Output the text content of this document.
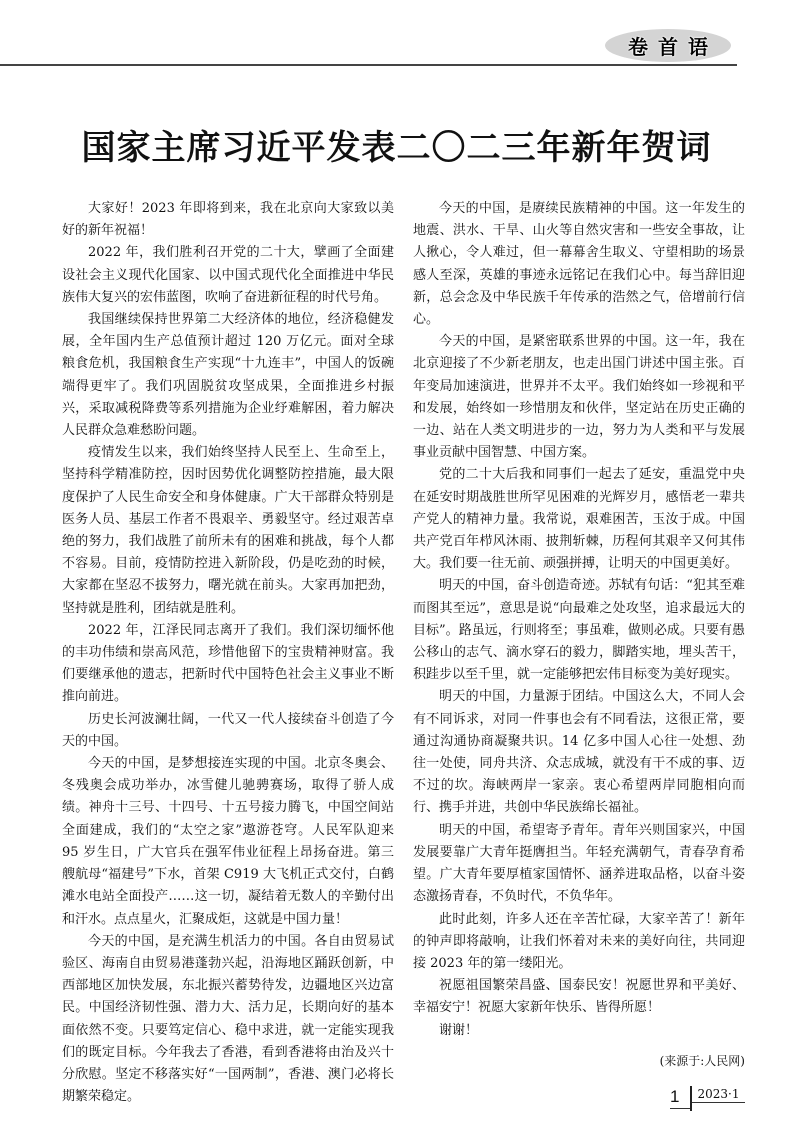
卷首语
国家主席习近平发表二〇二三年新年贺词

大家好！2023 年即将到来，我在北京向大家致以美好的新年祝福！

2022 年，我们胜利召开党的二十大，擘画了全面建设社会主义现代化国家、以中国式现代化全面推进中华民族伟大复兴的宏伟蓝图，吹响了奋进新征程的时代号角。

我国继续保持世界第二大经济体的地位，经济稳健发展，全年国内生产总值预计超过 120 万亿元。面对全球粮食危机，我国粮食生产实现“十九连丰”，中国人的饭碗端得更牢了。我们巩固脱贫攻坚成果，全面推进乡村振兴，采取减税降费等系列措施为企业纾难解困，着力解决人民群众急难愁盼问题。

疫情发生以来，我们始终坚持人民至上、生命至上，坚持科学精准防控，因时因势优化调整防控措施，最大限度保护了人民生命安全和身体健康。广大干部群众特别是医务人员、基层工作者不畏艰辛、勇毅坚守。经过艰苦卓绝的努力，我们战胜了前所未有的困难和挑战，每个人都不容易。目前，疫情防控进入新阶段，仍是吃劲的时候，大家都在坚忍不拔努力，曙光就在前头。大家再加把劲，坚持就是胜利，团结就是胜利。

2022 年，江泽民同志离开了我们。我们深切缅怀他的丰功伟绩和崇高风范，珍惜他留下的宝贵精神财富。我们要继承他的遗志，把新时代中国特色社会主义事业不断推向前进。

历史长河波澜壮阔，一代又一代人接续奋斗创造了今天的中国。

今天的中国，是梦想接连实现的中国。北京冬奥会、冬残奥会成功举办，冰雪健儿驰骋赛场，取得了骄人成绩。神舟十三号、十四号、十五号接力腾飞，中国空间站全面建成，我们的“太空之家”遨游苍穹。人民军队迎来 95 岁生日，广大官兵在强军伟业征程上昂扬奋进。第三艘航母“福建号”下水，首架 C919 大飞机正式交付，白鹤滩水电站全面投产……这一切，凝结着无数人的辛勤付出和汗水。点点星火，汇聚成炬，这就是中国力量！

今天的中国，是充满生机活力的中国。各自由贸易试验区、海南自由贸易港蓬勃兴起，沿海地区踊跃创新，中西部地区加快发展，东北振兴蓄势待发，边疆地区兴边富民。中国经济韧性强、潜力大、活力足，长期向好的基本面依然不变。只要笃定信心、稳中求进，就一定能实现我们的既定目标。今年我去了香港，看到香港将由治及兴十分欣慰。坚定不移落实好“一国两制”，香港、澳门必将长期繁荣稳定。

今天的中国，是赓续民族精神的中国。这一年发生的地震、洪水、干旱、山火等自然灾害和一些安全事故，让人揪心，令人难过，但一幕幕舍生取义、守望相助的场景感人至深，英雄的事迹永远铭记在我们心中。每当辞旧迎新，总会念及中华民族千年传承的浩然之气，倍增前行信心。

今天的中国，是紧密联系世界的中国。这一年，我在北京迎接了不少新老朋友，也走出国门讲述中国主张。百年变局加速演进，世界并不太平。我们始终如一珍视和平和发展，始终如一珍惜朋友和伙伴，坚定站在历史正确的一边、站在人类文明进步的一边，努力为人类和平与发展事业贡献中国智慧、中国方案。

党的二十大后我和同事们一起去了延安，重温党中央在延安时期战胜世所罕见困难的光辉岁月，感悟老一辈共产党人的精神力量。我常说，艰难困苦，玉汝于成。中国共产党百年栉风沐雨、披荆斩棘，历程何其艰辛又何其伟大。我们要一往无前、顽强拼搏，让明天的中国更美好。

明天的中国，奋斗创造奇迹。苏轼有句话：“犯其至难而图其至远”，意思是说“向最难之处攻坚，追求最远大的目标”。路虽远，行则将至；事虽难，做则必成。只要有愚公移山的志气、滴水穿石的毅力，脚踏实地，埋头苦干，积跬步以至千里，就一定能够把宏伟目标变为美好现实。

明天的中国，力量源于团结。中国这么大，不同人会有不同诉求，对同一件事也会有不同看法，这很正常，要通过沟通协商凝聚共识。14 亿多中国人心往一处想、劲往一处使，同舟共济、众志成城，就没有干不成的事、迈不过的坎。海峡两岸一家亲。衷心希望两岸同胞相向而行、携手并进，共创中华民族绵长福祉。

明天的中国，希望寄予青年。青年兴则国家兴，中国发展要靠广大青年挺膺担当。年轻充满朝气，青春孕育希望。广大青年要厚植家国情怀、涵养进取品格，以奋斗姿态激扬青春，不负时代，不负华年。

此时此刻，许多人还在辛苦忙碌，大家辛苦了！新年的钟声即将敲响，让我们怀着对未来的美好向往，共同迎接 2023 年的第一缕阳光。

祝愿祖国繁荣昌盛、国泰民安！祝愿世界和平美好、幸福安宁！祝愿大家新年快乐、皆得所愿！

谢谢！

(来源于:人民网)
1	2023·1
